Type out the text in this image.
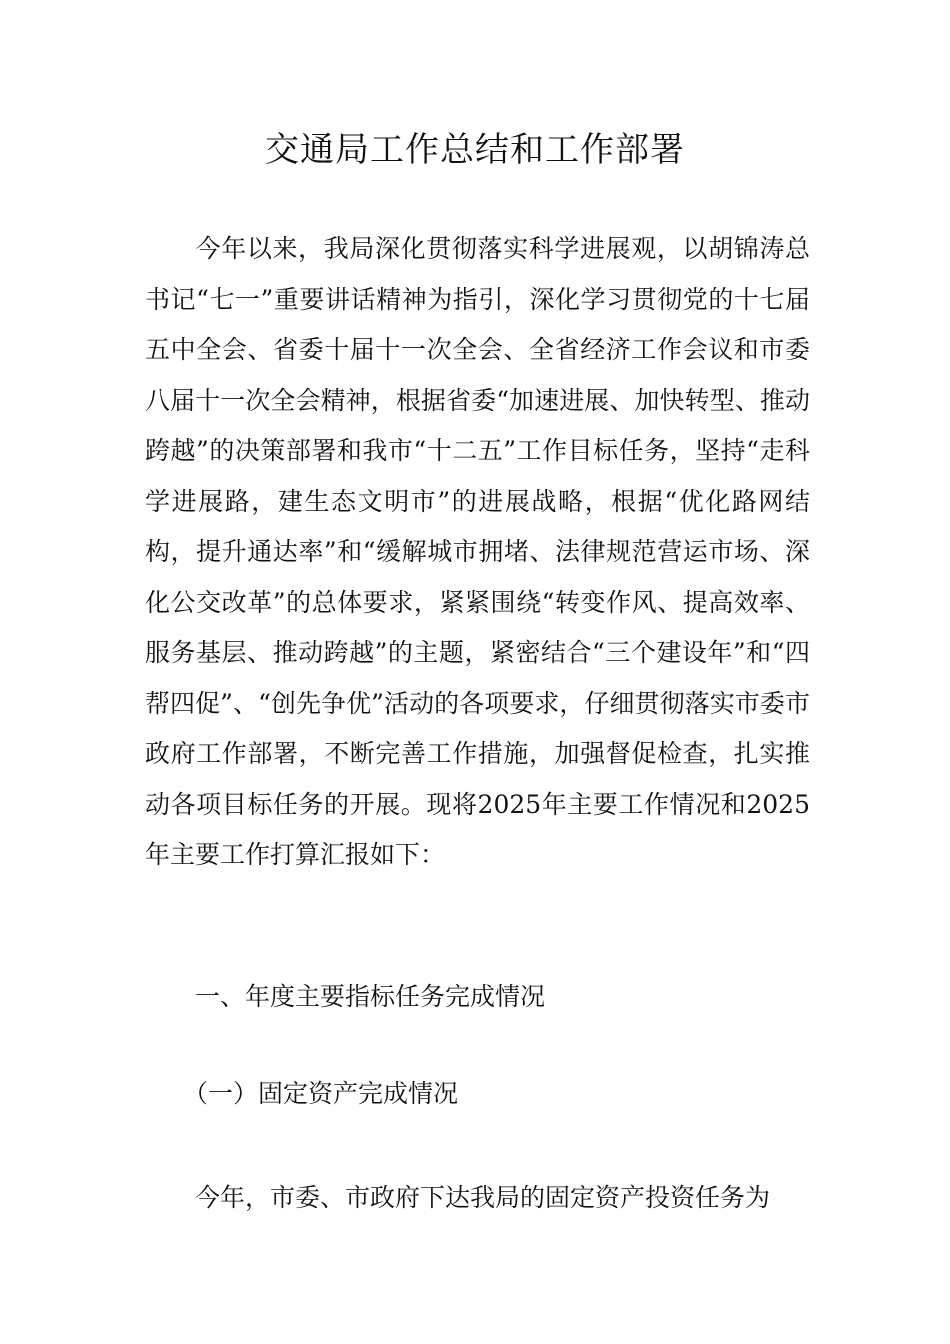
交通局工作总结和工作部署
今年以来，我局深化贯彻落实科学进展观，以胡锦涛总书记“七一”重要讲话精神为指引，深化学习贯彻党的十七届五中全会、省委十届十一次全会、全省经济工作会议和市委八届十一次全会精神，根据省委“加速进展、加快转型、推动跨越”的决策部署和我市“十二五”工作目标任务，坚持“走科学进展路，建生态文明市”的进展战略，根据“优化路网结构，提升通达率”和“缓解城市拥堵、法律规范营运市场、深化公交改革”的总体要求，紧紧围绕“转变作风、提高效率、服务基层、推动跨越”的主题，紧密结合“三个建设年”和“四帮四促”、“创先争优”活动的各项要求，仔细贯彻落实市委市政府工作部署，不断完善工作措施，加强督促检查，扎实推动各项目标任务的开展。现将2025年主要工作情况和2025年主要工作打算汇报如下：
一、年度主要指标任务完成情况
（一）固定资产完成情况
今年，市委、市政府下达我局的固定资产投资任务为
